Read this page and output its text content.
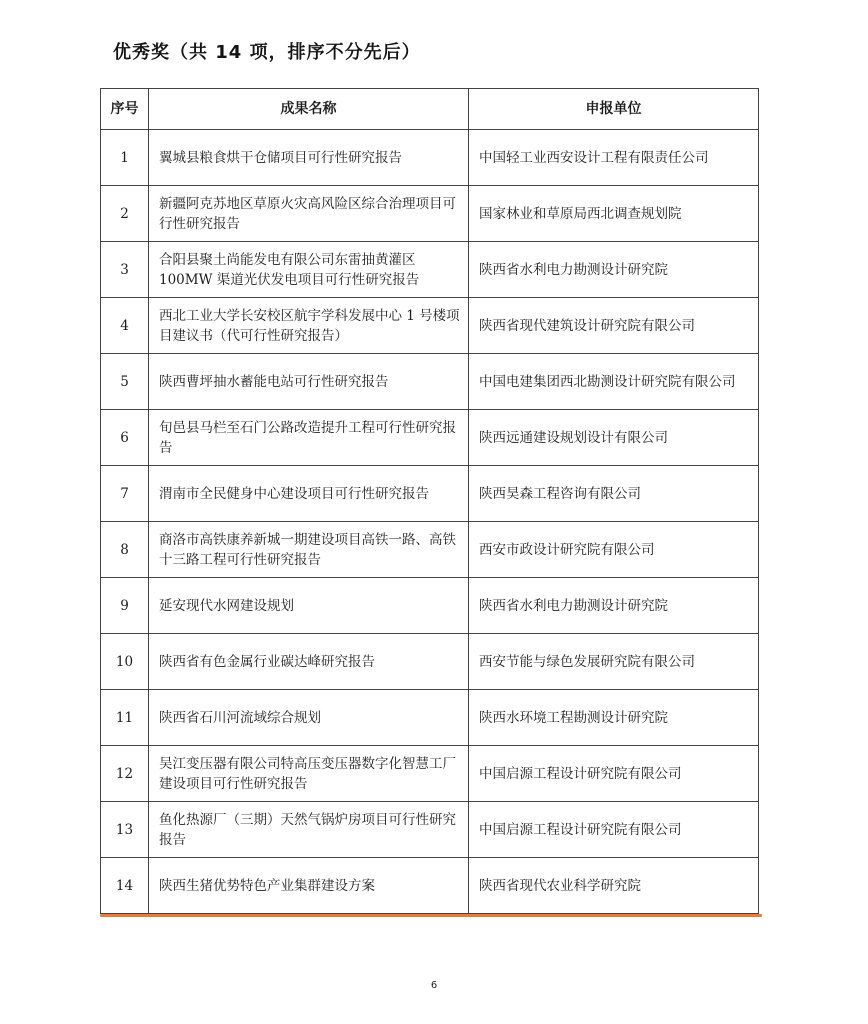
优秀奖（共 14 项，排序不分先后）
序号	成果名称	申报单位
1	翼城县粮食烘干仓储项目可行性研究报告	中国轻工业西安设计工程有限责任公司
2	新疆阿克苏地区草原火灾高风险区综合治理项目可行性研究报告	国家林业和草原局西北调查规划院
3	合阳县聚土尚能发电有限公司东雷抽黄灌区100MW 渠道光伏发电项目可行性研究报告	陕西省水利电力勘测设计研究院
4	西北工业大学长安校区航宇学科发展中心 1 号楼项目建议书（代可行性研究报告）	陕西省现代建筑设计研究院有限公司
5	陕西曹坪抽水蓄能电站可行性研究报告	中国电建集团西北勘测设计研究院有限公司
6	旬邑县马栏至石门公路改造提升工程可行性研究报告	陕西远通建设规划设计有限公司
7	渭南市全民健身中心建设项目可行性研究报告	陕西昊森工程咨询有限公司
8	商洛市高铁康养新城一期建设项目高铁一路、高铁十三路工程可行性研究报告	西安市政设计研究院有限公司
9	延安现代水网建设规划	陕西省水利电力勘测设计研究院
10	陕西省有色金属行业碳达峰研究报告	西安节能与绿色发展研究院有限公司
11	陕西省石川河流域综合规划	陕西水环境工程勘测设计研究院
12	吴江变压器有限公司特高压变压器数字化智慧工厂建设项目可行性研究报告	中国启源工程设计研究院有限公司
13	鱼化热源厂（三期）天然气锅炉房项目可行性研究报告	中国启源工程设计研究院有限公司
14	陕西生猪优势特色产业集群建设方案	陕西省现代农业科学研究院
6
